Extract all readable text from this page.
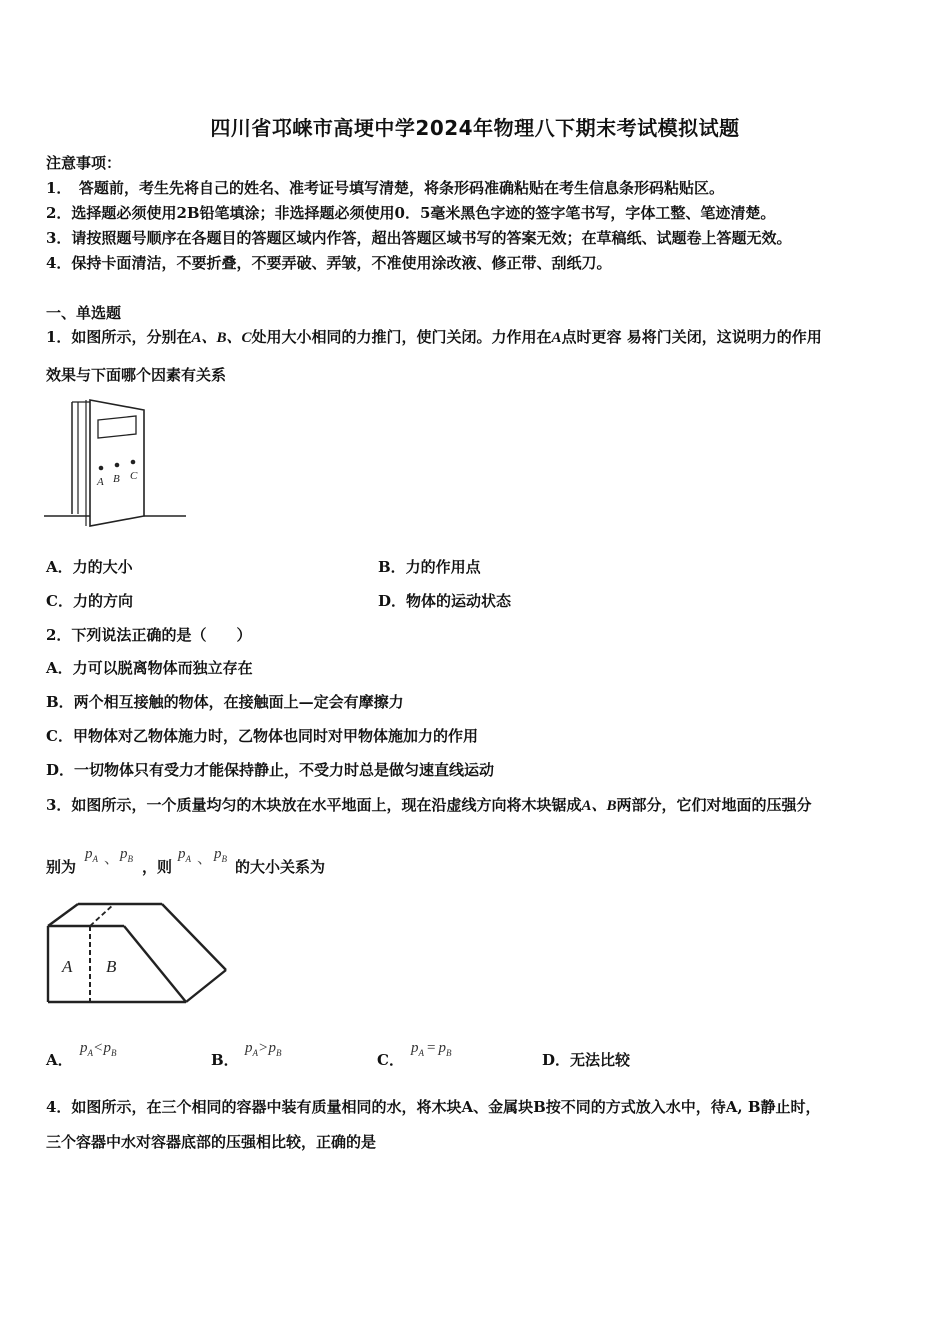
四川省邛崃市高埂中学2024年物理八下期末考试模拟试题
注意事项：
1．　答题前，考生先将自己的姓名、准考证号填写清楚，将条形码准确粘贴在考生信息条形码粘贴区。
2．选择题必须使用2B铅笔填涂；非选择题必须使用0．5毫米黑色字迹的签字笔书写，字体工整、笔迹清楚。
3．请按照题号顺序在各题目的答题区域内作答，超出答题区域书写的答案无效；在草稿纸、试题卷上答题无效。
4．保持卡面清洁，不要折叠，不要弄破、弄皱，不准使用涂改液、修正带、刮纸刀。
一、单选题
1．如图所示，分别在A、B、C处用大小相同的力推门，使门关闭。力作用在A点时更容 易将门关闭，这说明力的作用
效果与下面哪个因素有关系
A B C
A．力的大小	B．力的作用点
C．力的方向	D．物体的运动状态
2．下列说法正确的是（　　）
A．力可以脱离物体而独立存在
B．两个相互接触的物体，在接触面上—定会有摩擦力
C．甲物体对乙物体施力时，乙物体也同时对甲物体施加力的作用
D．一切物体只有受力才能保持静止，不受力时总是做匀速直线运动
3．如图所示，一个质量均匀的木块放在水平地面上，现在沿虚线方向将木块锯成A、B两部分，它们对地面的压强分
别为
$p_A$ 、 $p_B$ ，则
$p_A$ 、 $p_B$ 的大小关系为
A B
A．
$p_A<p_B$	B．
$p_A>p_B$	C．
$p_A = p_B$	D．无法比较
4．如图所示，在三个相同的容器中装有质量相同的水，将木块A、金属块B按不同的方式放入水中，待A, B静止时，
三个容器中水对容器底部的压强相比较，正确的是
